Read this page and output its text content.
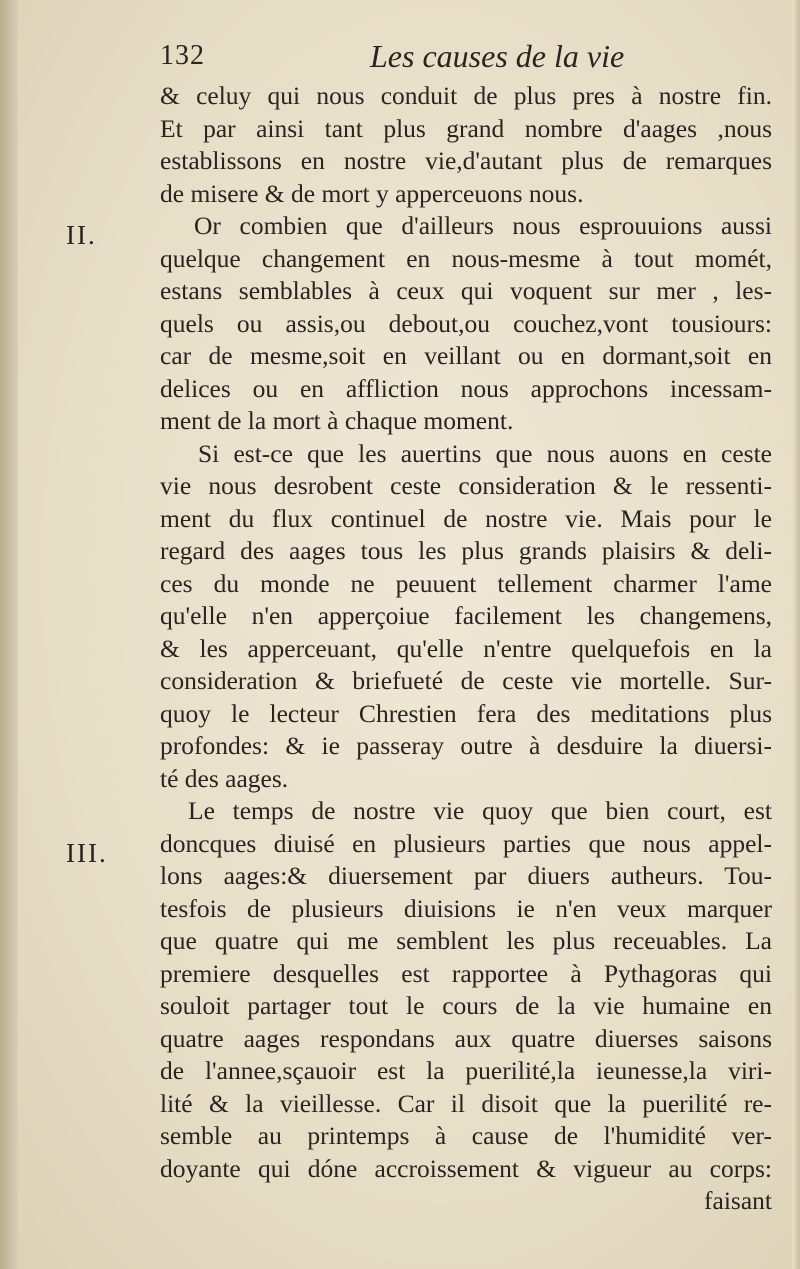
132	Les causes de la vie
II.
III.
& celuy qui nous conduit de plus pres à nostre fin.
Et par ainsi tant plus grand nombre d'aages ,nous
establissons en nostre vie,d'autant plus de remarques
de misere & de mort y apperceuons nous.
Or combien que d'ailleurs nous esprouuions aussi
quelque changement en nous-mesme à tout momét,
estans semblables à ceux qui voquent sur mer , les-
quels ou assis,ou debout,ou couchez,vont tousiours:
car de mesme,soit en veillant ou en dormant,soit en
delices ou en affliction nous approchons incessam-
ment de la mort à chaque moment.
Si est-ce que les auertins que nous auons en ceste
vie nous desrobent ceste consideration & le ressenti-
ment du flux continuel de nostre vie. Mais pour le
regard des aages tous les plus grands plaisirs & deli-
ces du monde ne peuuent tellement charmer l'ame
qu'elle n'en apperçoiue facilement les changemens,
& les apperceuant, qu'elle n'entre quelquefois en la
consideration & briefueté de ceste vie mortelle. Sur-
quoy le lecteur Chrestien fera des meditations plus
profondes: & ie passeray outre à desduire la diuersi-
té des aages.
Le temps de nostre vie quoy que bien court, est
doncques diuisé en plusieurs parties que nous appel-
lons aages:& diuersement par diuers autheurs. Tou-
tesfois de plusieurs diuisions ie n'en veux marquer
que quatre qui me semblent les plus receuables. La
premiere desquelles est rapportee à Pythagoras qui
souloit partager tout le cours de la vie humaine en
quatre aages respondans aux quatre diuerses saisons
de l'annee,sçauoir est la puerilité,la ieunesse,la viri-
lité & la vieillesse. Car il disoit que la puerilité re-
semble au printemps à cause de l'humidité ver-
doyante qui dóne accroissement & vigueur au corps:
faisant
